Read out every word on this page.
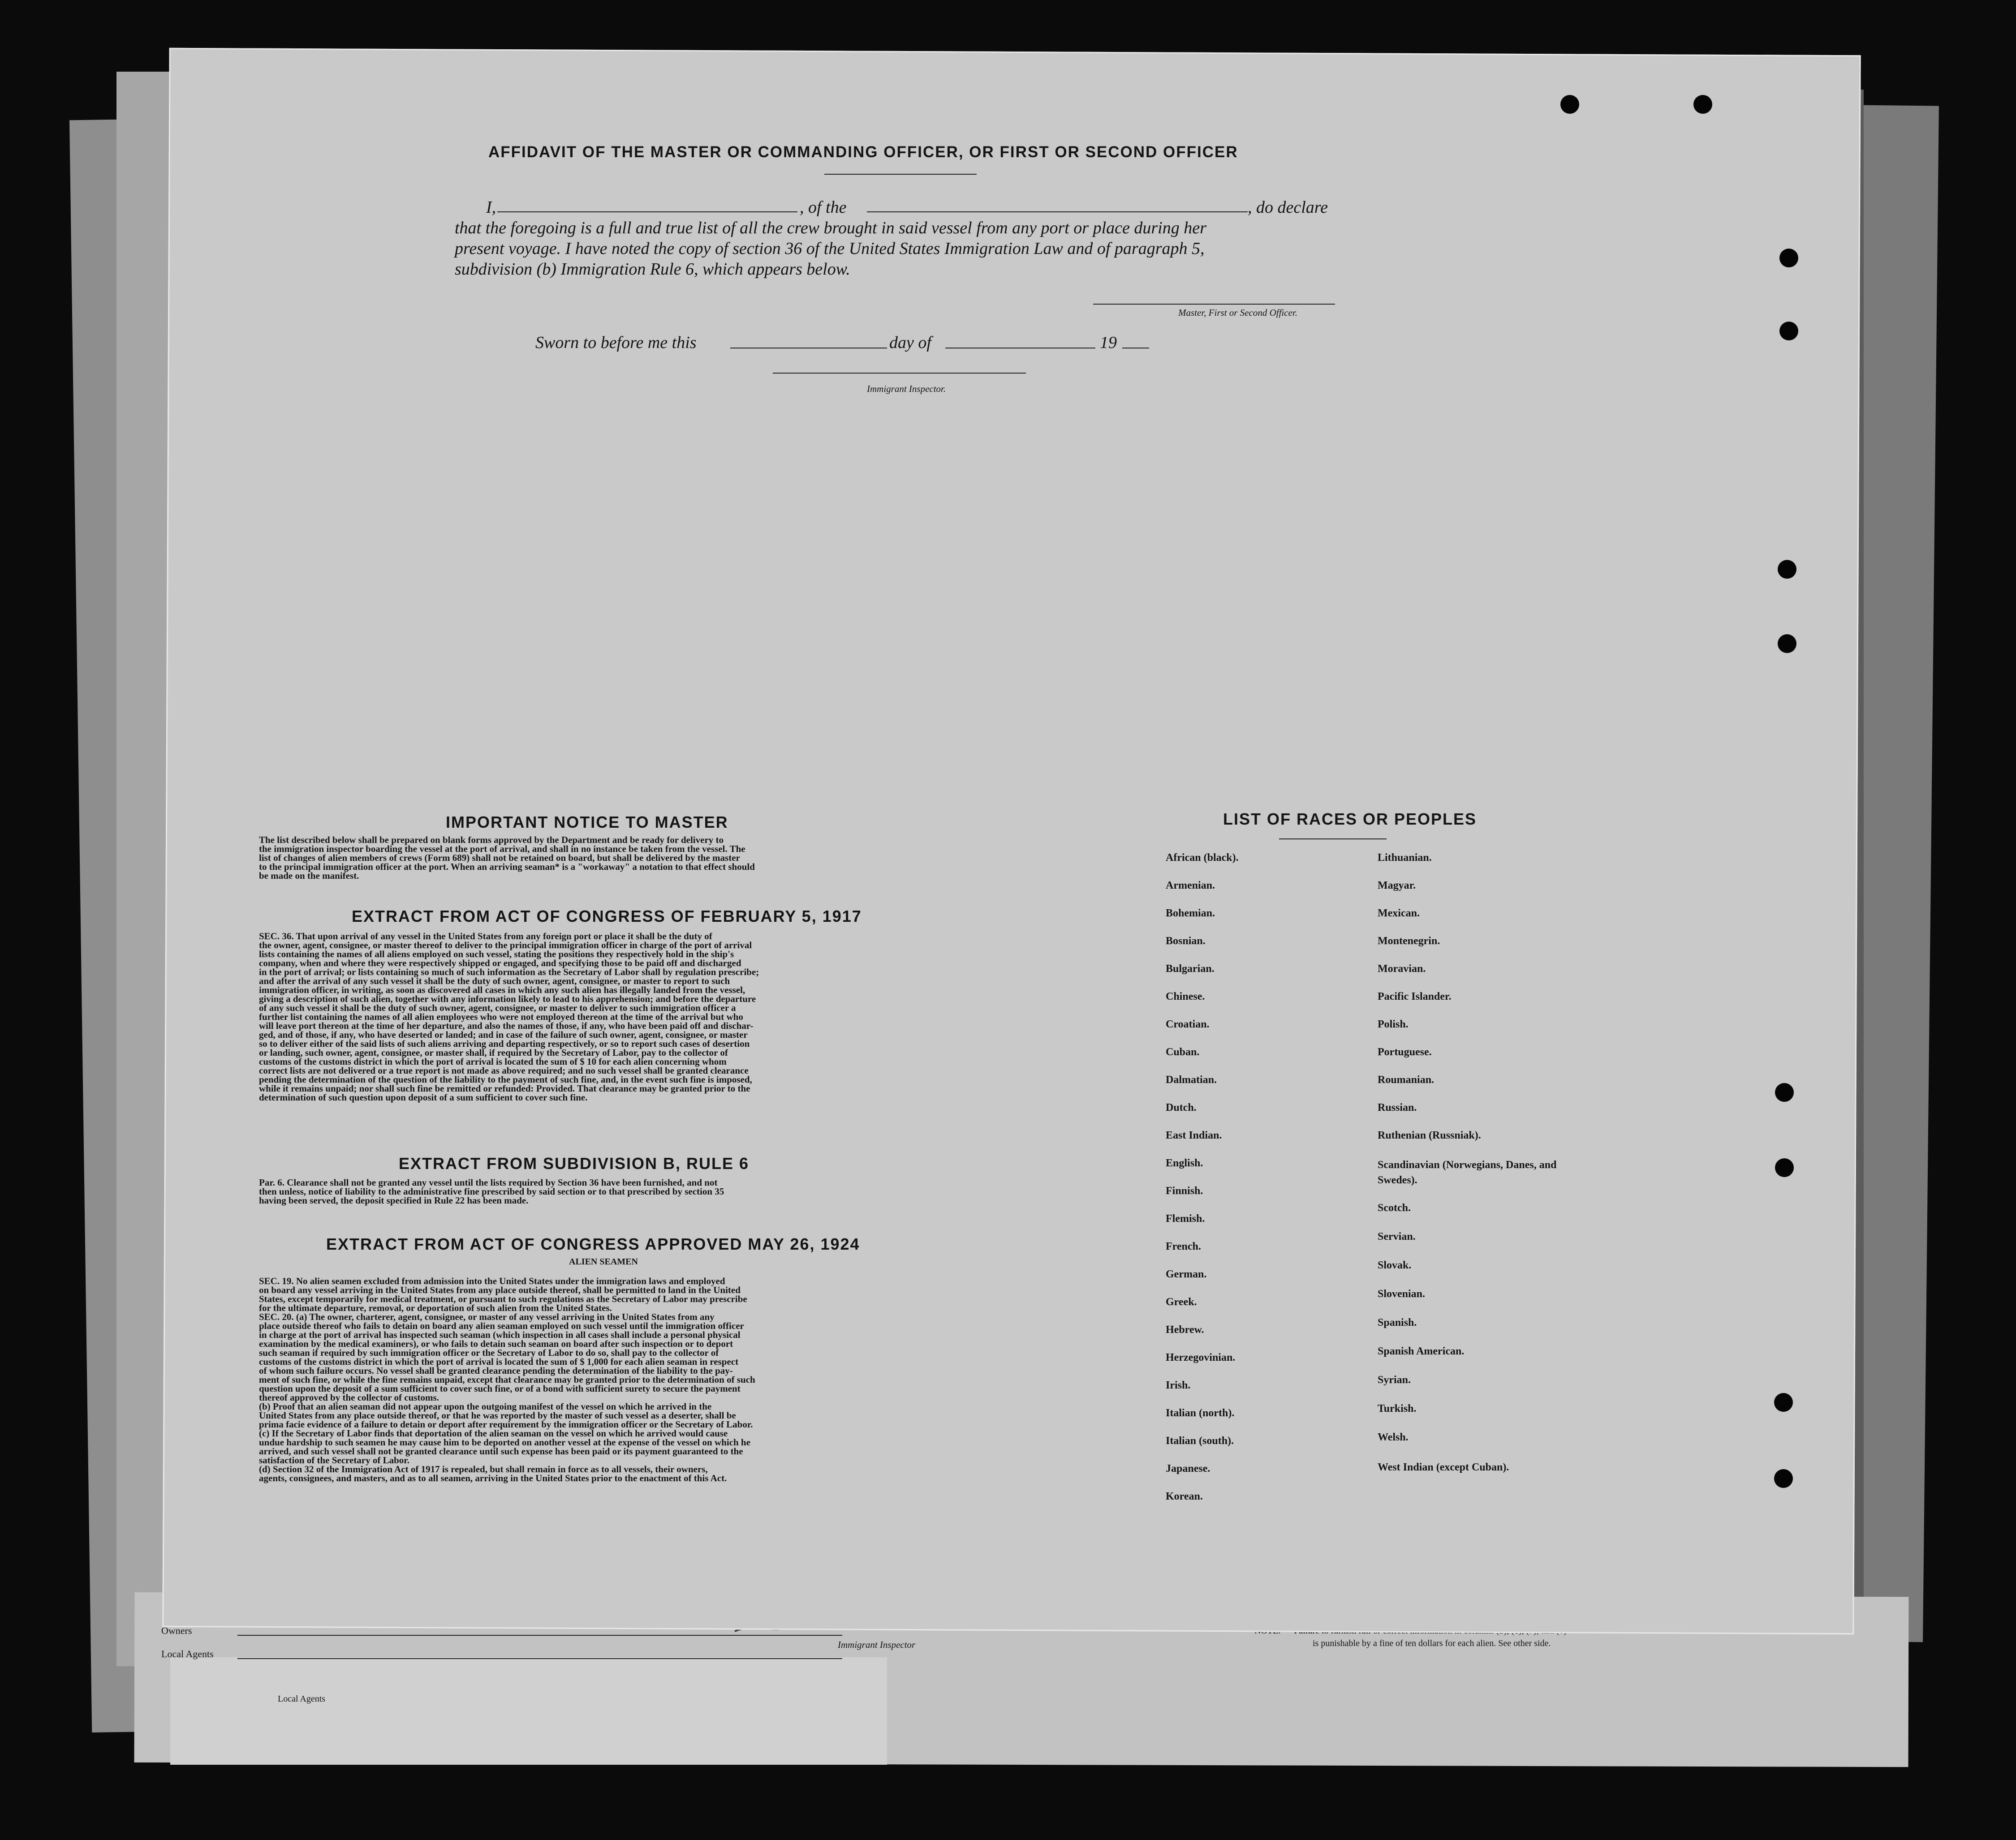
Owners
Local Agents
Local Agents
Immigrant Inspector	is punishable by a fine of ten dollars for each alien. See other side.
AFFIDAVIT OF THE MASTER OR COMMANDING OFFICER, OR FIRST OR SECOND OFFICER
I,	, of the	, do declare
that the foregoing is a full and true list of all the crew brought in said vessel from any port or place during her
present voyage. I have noted the copy of section 36 of the United States Immigration Law and of paragraph 5,
subdivision (b) Immigration Rule 6, which appears below.
Master, First or Second Officer.
Sworn to before me this	day of	19
Immigrant Inspector.
IMPORTANT NOTICE TO MASTER
The list described below shall be prepared on blank forms approved by the Department and be ready for delivery to
the immigration inspector boarding the vessel at the port of arrival, and shall in no instance be taken from the vessel. The
list of changes of alien members of crews (Form 689) shall not be retained on board, but shall be delivered by the master
to the principal immigration officer at the port. When an arriving seaman* is a "workaway" a notation to that effect should
be made on the manifest.
EXTRACT FROM ACT OF CONGRESS OF FEBRUARY 5, 1917
SEC. 36. That upon arrival of any vessel in the United States from any foreign port or place it shall be the duty of
the owner, agent, consignee, or master thereof to deliver to the principal immigration officer in charge of the port of arrival
lists containing the names of all aliens employed on such vessel, stating the positions they respectively hold in the ship's
company, when and where they were respectively shipped or engaged, and specifying those to be paid off and discharged
in the port of arrival; or lists containing so much of such information as the Secretary of Labor shall by regulation prescribe;
and after the arrival of any such vessel it shall be the duty of such owner, agent, consignee, or master to report to such
immigration officer, in writing, as soon as discovered all cases in which any such alien has illegally landed from the vessel,
giving a description of such alien, together with any information likely to lead to his apprehension; and before the departure
of any such vessel it shall be the duty of such owner, agent, consignee, or master to deliver to such immigration officer a
further list containing the names of all alien employees who were not employed thereon at the time of the arrival but who
will leave port thereon at the time of her departure, and also the names of those, if any, who have been paid off and dischar-
ged, and of those, if any, who have deserted or landed; and in case of the failure of such owner, agent, consignee, or master
so to deliver either of the said lists of such aliens arriving and departing respectively, or so to report such cases of desertion
or landing, such owner, agent, consignee, or master shall, if required by the Secretary of Labor, pay to the collector of
customs of the customs district in which the port of arrival is located the sum of $ 10 for each alien concerning whom
correct lists are not delivered or a true report is not made as above required; and no such vessel shall be granted clearance
pending the determination of the question of the liability to the payment of such fine, and, in the event such fine is imposed,
while it remains unpaid; nor shall such fine be remitted or refunded: Provided. That clearance may be granted prior to the
determination of such question upon deposit of a sum sufficient to cover such fine.
EXTRACT FROM SUBDIVISION B, RULE 6
Par. 6. Clearance shall not be granted any vessel until the lists required by Section 36 have been furnished, and not
then unless, notice of liability to the administrative fine prescribed by said section or to that prescribed by section 35
having been served, the deposit specified in Rule 22 has been made.
EXTRACT FROM ACT OF CONGRESS APPROVED MAY 26, 1924
ALIEN SEAMEN
SEC. 19. No alien seamen excluded from admission into the United States under the immigration laws and employed
on board any vessel arriving in the United States from any place outside thereof, shall be permitted to land in the United
States, except temporarily for medical treatment, or pursuant to such regulations as the Secretary of Labor may prescribe
for the ultimate departure, removal, or deportation of such alien from the United States.
SEC. 20. (a) The owner, charterer, agent, consignee, or master of any vessel arriving in the United States from any
place outside thereof who fails to detain on board any alien seaman employed on such vessel until the immigration officer
in charge at the port of arrival has inspected such seaman (which inspection in all cases shall include a personal physical
examination by the medical examiners), or who fails to detain such seaman on board after such inspection or to deport
such seaman if required by such immigration officer or the Secretary of Labor to do so, shall pay to the collector of
customs of the customs district in which the port of arrival is located the sum of $ 1,000 for each alien seaman in respect
of whom such failure occurs. No vessel shall be granted clearance pending the determination of the liability to the pay-
ment of such fine, or while the fine remains unpaid, except that clearance may be granted prior to the determination of such
question upon the deposit of a sum sufficient to cover such fine, or of a bond with sufficient surety to secure the payment
thereof approved by the collector of customs.
(b) Proof that an alien seaman did not appear upon the outgoing manifest of the vessel on which he arrived in the
United States from any place outside thereof, or that he was reported by the master of such vessel as a deserter, shall be
prima facie evidence of a failure to detain or deport after requirement by the immigration officer or the Secretary of Labor.
(c) If the Secretary of Labor finds that deportation of the alien seaman on the vessel on which he arrived would cause
undue hardship to such seamen he may cause him to be deported on another vessel at the expense of the vessel on which he
arrived, and such vessel shall not be granted clearance until such expense has been paid or its payment guaranteed to the
satisfaction of the Secretary of Labor.
(d) Section 32 of the Immigration Act of 1917 is repealed, but shall remain in force as to all vessels, their owners,
agents, consignees, and masters, and as to all seamen, arriving in the United States prior to the enactment of this Act.
LIST OF RACES OR PEOPLES
African (black).
Armenian.
Bohemian.
Bosnian.
Bulgarian.
Chinese.
Croatian.
Cuban.
Dalmatian.
Dutch.
East Indian.
English.
Finnish.
Flemish.
French.
German.
Greek.
Hebrew.
Herzegovinian.
Irish.
Italian (north).
Italian (south).
Japanese.
Korean.
Lithuanian.
Magyar.
Mexican.
Montenegrin.
Moravian.
Pacific Islander.
Polish.
Portuguese.
Roumanian.
Russian.
Ruthenian (Russniak).
Scandinavian (Norwegians, Danes, and Swedes).
Scotch.
Servian.
Slovak.
Slovenian.
Spanish.
Spanish American.
Syrian.
Turkish.
Welsh.
West Indian (except Cuban).
